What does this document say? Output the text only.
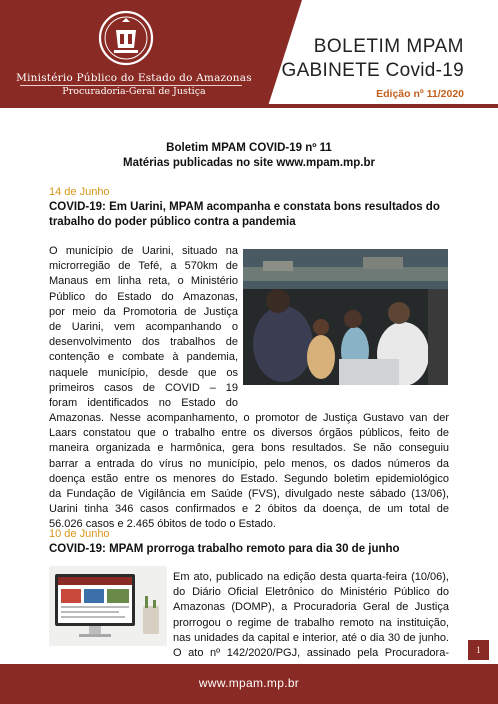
Ministério Público do Estado do Amazonas
Procuradoria-Geral de Justiça
BOLETIM MPAM
GABINETE Covid-19
Edição nº 11/2020
Boletim MPAM COVID-19 nº 11
Matérias publicadas no site www.mpam.mp.br
14 de Junho
COVID-19: Em Uarini, MPAM acompanha e constata bons resultados do trabalho do poder público contra a pandemia
O município de Uarini, situado na
microrregião de Tefé, a 570km de
Manaus em linha reta, o Ministério
Público do Estado do Amazonas,
por meio da Promotoria de Justiça
de Uarini, vem acompanhando o
desenvolvimento dos trabalhos de
contenção e combate à pandemia,
naquele município, desde que os
primeiros casos de COVID – 19
foram identificados no Estado do
Amazonas. Nesse acompanhamento, o promotor de Justiça Gustavo van der
Laars constatou que o trabalho entre os diversos órgãos públicos, feito de
maneira organizada e harmônica, gera bons resultados. Se não conseguiu
barrar a entrada do vírus no município, pelo menos, os dados números da
doença estão entre os menores do Estado. Segundo boletim epidemiológico
da Fundação de Vigilância em Saúde (FVS), divulgado neste sábado (13/06),
Uarini tinha 346 casos confirmados e 2 óbitos da doença, de um total de
56.026 casos e 2.465 óbitos de todo o Estado.
10 de Junho
COVID-19: MPAM prorroga trabalho remoto para dia 30 de junho
Em ato, publicado na edição desta quarta-feira (10/06),
do Diário Oficial Eletrônico do Ministério Público do
Amazonas (DOMP), a Procuradoria Geral de Justiça
prorrogou o regime de trabalho remoto na instituição,
nas unidades da capital e interior, até o dia 30 de junho.
O ato nº 142/2020/PGJ, assinado pela Procuradora-	1
www.mpam.mp.br
